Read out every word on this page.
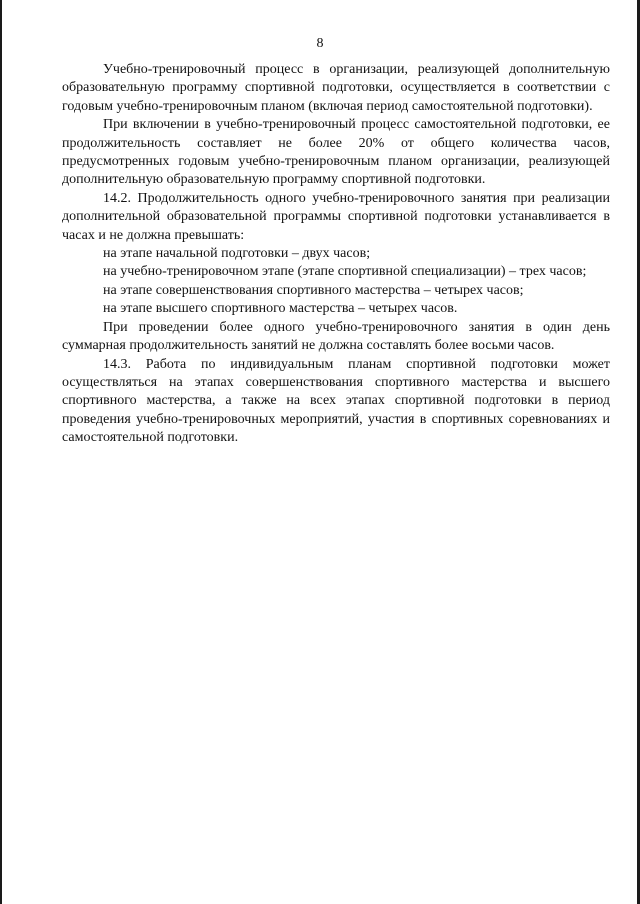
8

Учебно-тренировочный процесс в организации, реализующей дополнительную образовательную программу спортивной подготовки, осуществляется в соответствии с годовым учебно-тренировочным планом (включая период самостоятельной подготовки).

При включении в учебно-тренировочный процесс самостоятельной подготовки, ее продолжительность составляет не более 20% от общего количества часов, предусмотренных годовым учебно-тренировочным планом организации, реализующей дополнительную образовательную программу спортивной подготовки.

14.2. Продолжительность одного учебно-тренировочного занятия при реализации дополнительной образовательной программы спортивной подготовки устанавливается в часах и не должна превышать:

на этапе начальной подготовки – двух часов;

на учебно-тренировочном этапе (этапе спортивной специализации) – трех часов;

на этапе совершенствования спортивного мастерства – четырех часов;

на этапе высшего спортивного мастерства – четырех часов.

При проведении более одного учебно-тренировочного занятия в один день суммарная продолжительность занятий не должна составлять более восьми часов.

14.3. Работа по индивидуальным планам спортивной подготовки может осуществляться на этапах совершенствования спортивного мастерства и высшего спортивного мастерства, а также на всех этапах спортивной подготовки в период проведения учебно-тренировочных мероприятий, участия в спортивных соревнованиях и самостоятельной подготовки.
